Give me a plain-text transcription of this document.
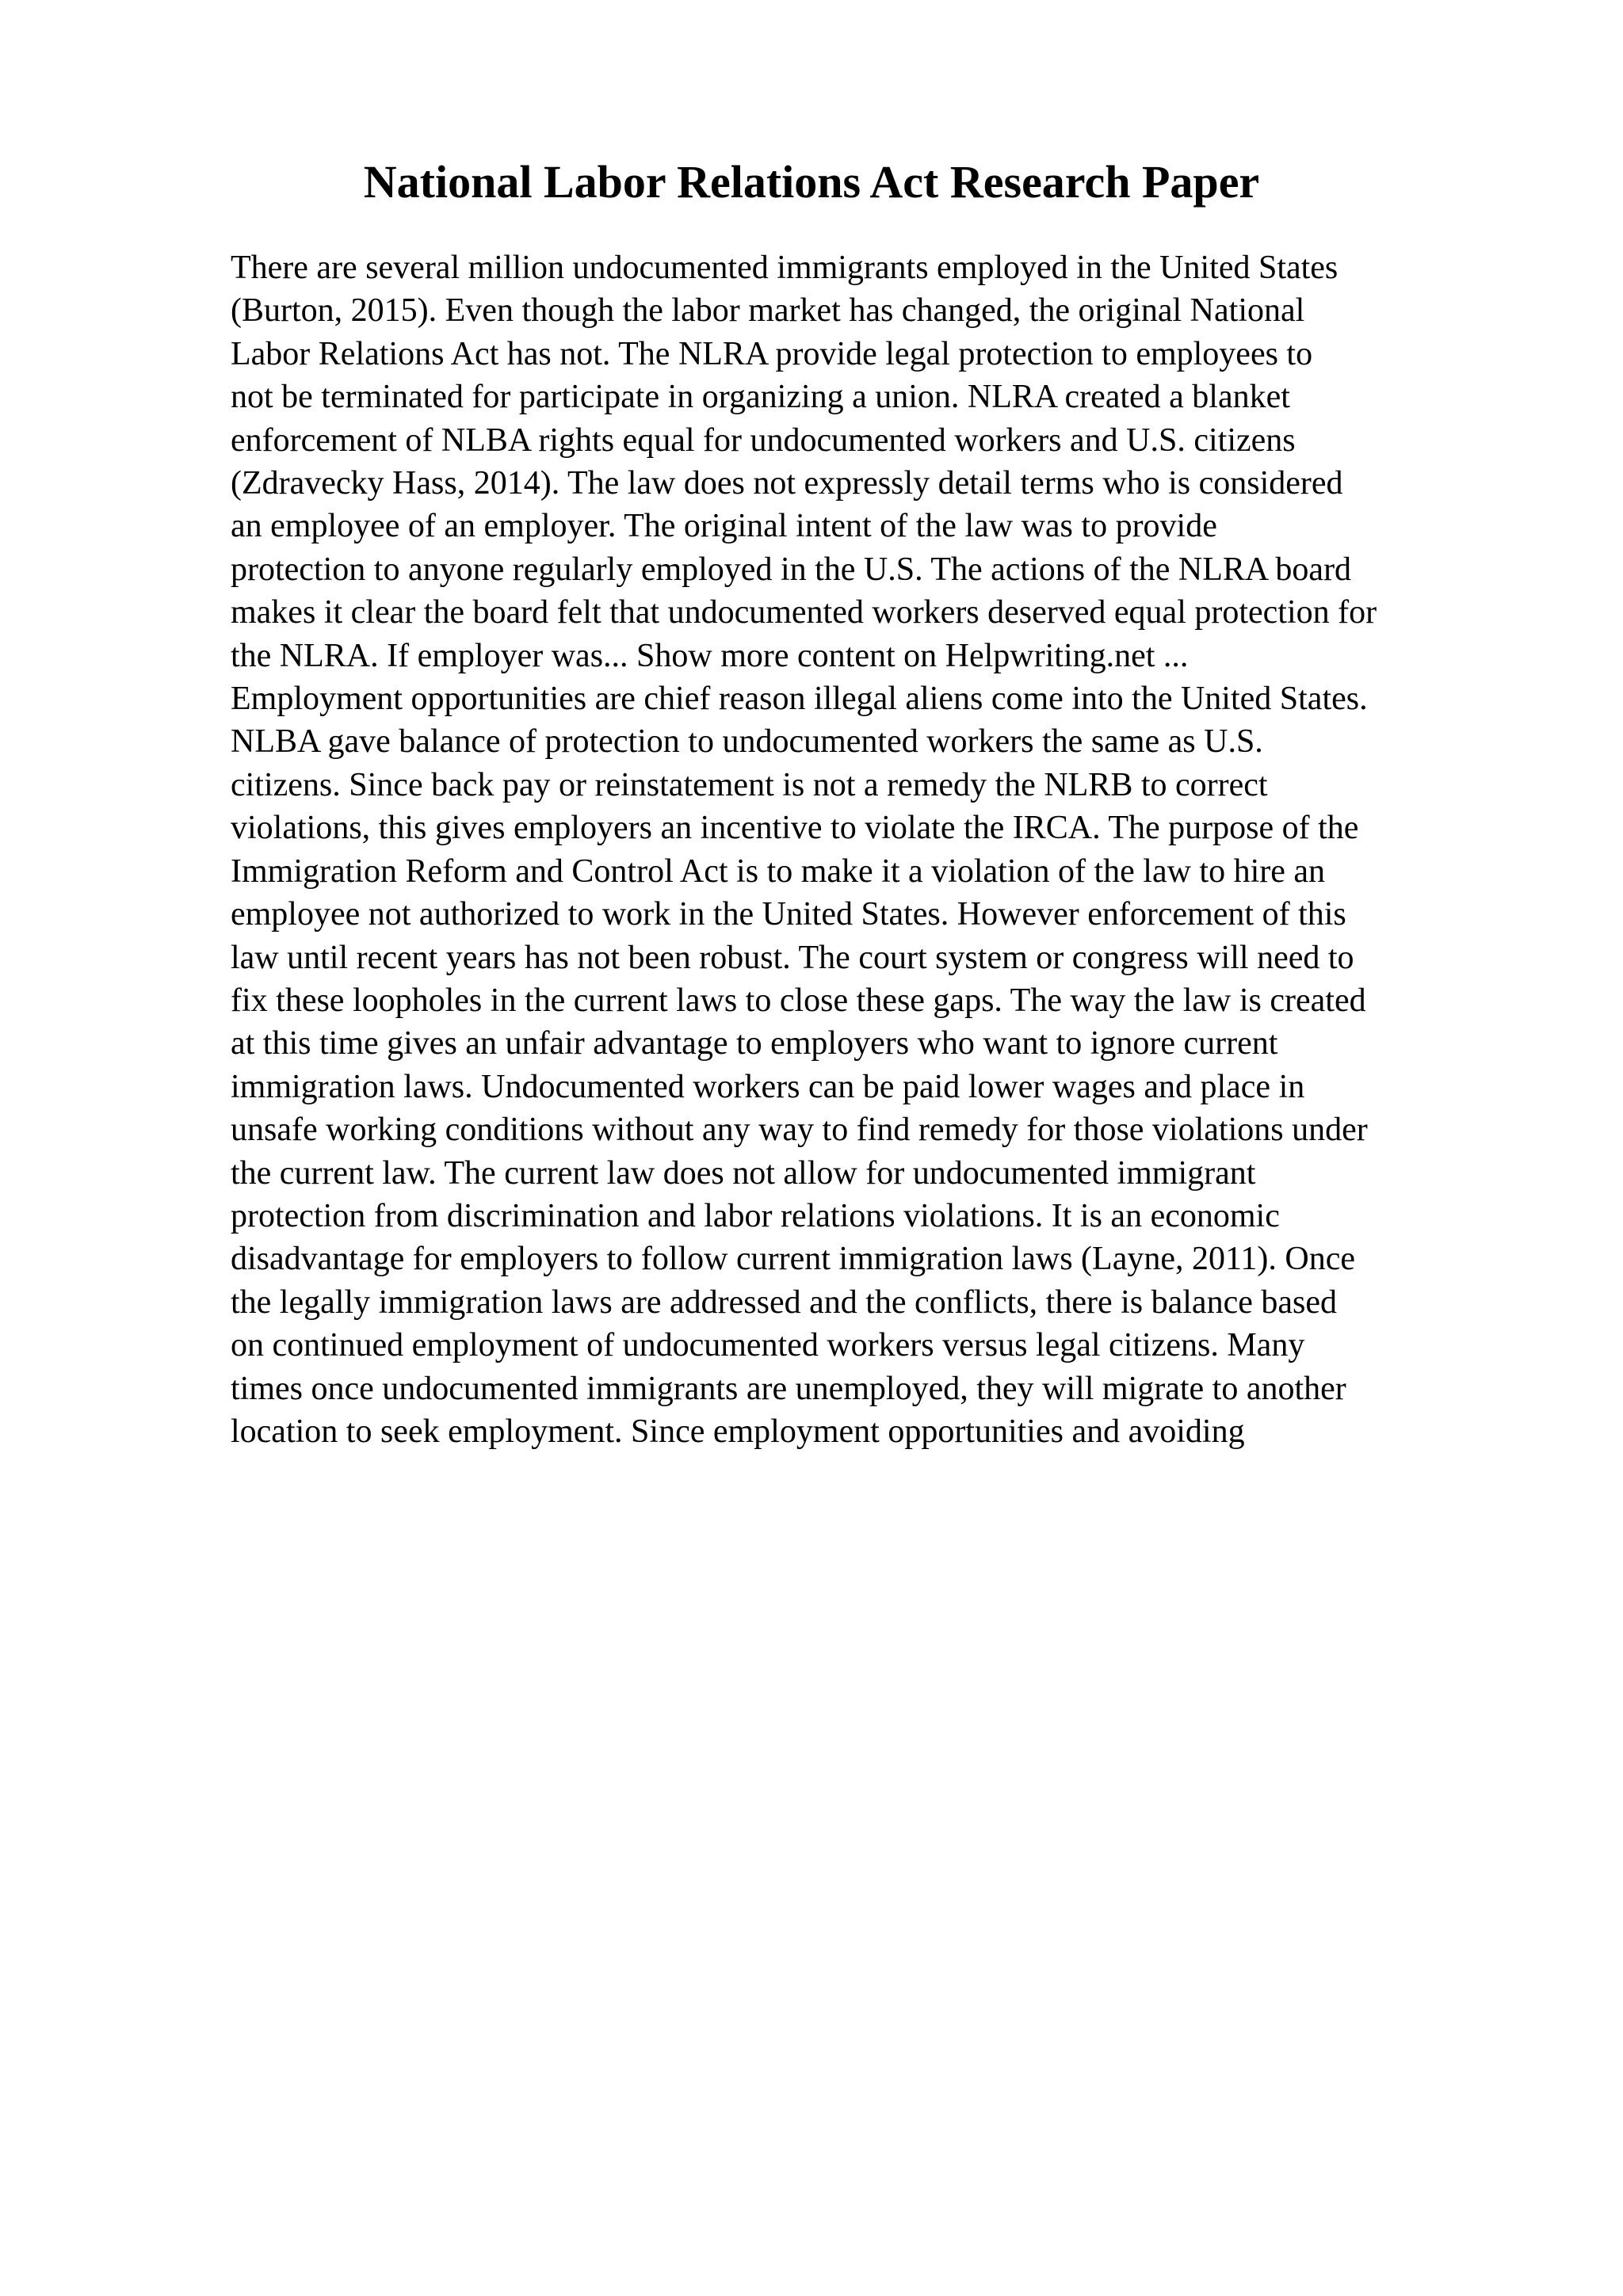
National Labor Relations Act Research Paper
There are several million undocumented immigrants employed in the United States
(Burton, 2015). Even though the labor market has changed, the original National
Labor Relations Act has not. The NLRA provide legal protection to employees to
not be terminated for participate in organizing a union. NLRA created a blanket
enforcement of NLBA rights equal for undocumented workers and U.S. citizens
(Zdravecky Hass, 2014). The law does not expressly detail terms who is considered
an employee of an employer. The original intent of the law was to provide
protection to anyone regularly employed in the U.S. The actions of the NLRA board
makes it clear the board felt that undocumented workers deserved equal protection for
the NLRA. If employer was... Show more content on Helpwriting.net ...
Employment opportunities are chief reason illegal aliens come into the United States.
NLBA gave balance of protection to undocumented workers the same as U.S.
citizens. Since back pay or reinstatement is not a remedy the NLRB to correct
violations, this gives employers an incentive to violate the IRCA. The purpose of the
Immigration Reform and Control Act is to make it a violation of the law to hire an
employee not authorized to work in the United States. However enforcement of this
law until recent years has not been robust. The court system or congress will need to
fix these loopholes in the current laws to close these gaps. The way the law is created
at this time gives an unfair advantage to employers who want to ignore current
immigration laws. Undocumented workers can be paid lower wages and place in
unsafe working conditions without any way to find remedy for those violations under
the current law. The current law does not allow for undocumented immigrant
protection from discrimination and labor relations violations. It is an economic
disadvantage for employers to follow current immigration laws (Layne, 2011). Once
the legally immigration laws are addressed and the conflicts, there is balance based
on continued employment of undocumented workers versus legal citizens. Many
times once undocumented immigrants are unemployed, they will migrate to another
location to seek employment. Since employment opportunities and avoiding
